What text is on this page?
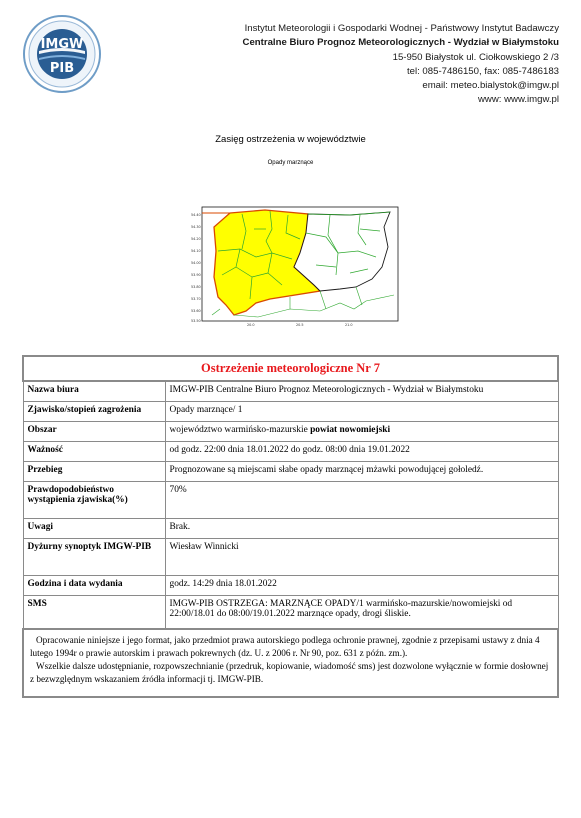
IMGW
PIB
Instytut Meteorologii i Gospodarki Wodnej - Państwowy Instytut Badawczy
Centralne Biuro Prognoz Meteorologicznych - Wydział w Białymstoku
15-950 Białystok ul. Ciołkowskiego 2 /3
tel: 085-7486150, fax: 085-7486183
email: meteo.bialystok@imgw.pl
www: www.imgw.pl
Zasięg ostrzeżenia w województwie
Opady marznące
54.40
54.30
54.20
54.10
54.00
53.90
53.80
53.70
53.60
53.50
20.0	20.5	21.0
Ostrzeżenie meteorologiczne Nr 7	
Nazwa biura	IMGW-PIB Centralne Biuro Prognoz Meteorologicznych - Wydział w Białymstoku
Zjawisko/stopień zagrożenia	Opady marznące/ 1
Obszar	województwo warmińsko-mazurskie powiat nowomiejski
Ważność	od godz. 22:00 dnia 18.01.2022 do godz. 08:00 dnia 19.01.2022
Przebieg	Prognozowane są miejscami słabe opady marznącej mżawki powodującej gołoledź.
Prawdopodobieństwo wystąpienia zjawiska(%)	70%
Uwagi	Brak.
Dyżurny synoptyk IMGW-PIB	Wiesław Winnicki
Godzina i data wydania	godz. 14:29 dnia 18.01.2022
SMS	IMGW-PIB OSTRZEGA: MARZNĄCE OPADY/1 warmińsko-mazurskie/nowomiejski od 22:00/18.01 do 08:00/19.01.2022 marznące opady, drogi śliskie.

Opracowanie niniejsze i jego format, jako przedmiot prawa autorskiego podlega ochronie prawnej, zgodnie z przepisami ustawy z dnia 4 lutego 1994r o prawie autorskim i prawach pokrewnych (dz. U. z 2006 r. Nr 90, poz. 631 z późn. zm.).
Wszelkie dalsze udostępnianie, rozpowszechnianie (przedruk, kopiowanie, wiadomość sms) jest dozwolone wyłącznie w formie dosłownej z bezwzględnym wskazaniem źródła informacji tj. IMGW-PIB.	
